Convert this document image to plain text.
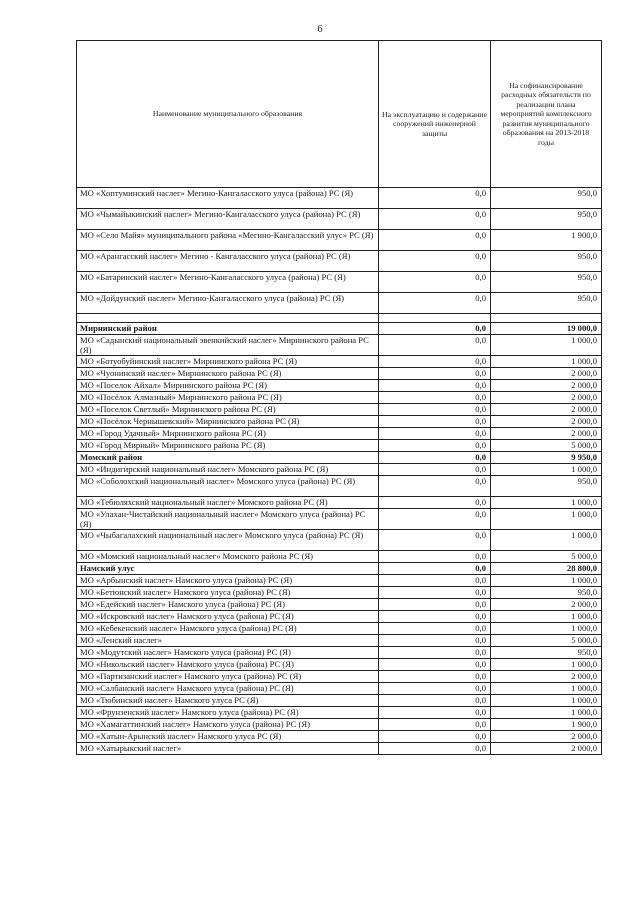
6
Наименование муниципального образования	На эксплуатацию и содержание сооружений инженерной защиты	На софинансирование расходных обязательств по реализации плана мероприятий комплексного развития муниципального образования на 2013-2018 годы
МО «Хоптуминский наслег» Мегино-Кангаласского улуса (района) РС (Я)	0,0	950,0
МО «Чымайыкинский наслег» Мегино-Кангаласского улуса (района) РС (Я)	0,0	950,0
МО «Село Майя» муниципального района «Мегино-Кангаласский улус» РС (Я)	0,0	1 900,0
МО «Арангасский наслег» Мегино - Кангаласского улуса (района) РС (Я)	0,0	950,0
МО «Батаринский наслег» Мегино-Кангаласского улуса (района) РС (Я)	0,0	950,0
МО «Дойдунский наслег» Мегино-Кангаласского улуса (района) РС (Я)	0,0	950,0

Мирнинский район	0,0	19 000,0
МО «Садынский национальный эвенкийский наслег» Мирнинского района РС (Я)	0,0	1 000,0
МО «Ботуобуйинский наслег» Мирнинского района РС (Я)	0,0	1 000,0
МО «Чуонинский наслег» Мирнинского района РС (Я)	0,0	2 000,0
МО «Поселок Айхал» Мирнинского района РС (Я)	0,0	2 000,0
МО «Посёлок Алмазный» Мирнинского района РС (Я)	0,0	2 000,0
МО «Поселок Светлый» Мирнинского района РС (Я)	0,0	2 000,0
МО «Посёлок Чернышевский» Мирнинского района РС (Я)	0,0	2 000,0
МО «Город Удачный» Мирнинского района РС (Я)	0,0	2 000,0
МО «Город Мирный» Мирнинского района РС (Я)	0,0	5 000,0
Момский район	0,0	9 950,0
МО «Индигирский национальный наслег» Момского района РС (Я)	0,0	1 000,0
МО «Соболохский национальный наслег» Момского улуса (района) РС (Я)	0,0	950,0
МО «Тебюляхский национальный наслег» Момского района РС (Я)	0,0	1 000,0
МО «Улахан-Чистайский национальный наслег» Момского улуса (района) РС (Я)	0,0	1 000,0
МО «Чыбагалахский национальный наслег» Момского улуса (района) РС (Я)	0,0	1 000,0
МО «Момский национальный наслег» Момского района РС (Я)	0,0	5 000,0
Намский улус	0,0	28 800,0
МО «Арбынский наслег» Намского улуса (района) РС (Я)	0,0	1 000,0
МО «Бетюнский наслег» Намского улуса (района) РС (Я)	0,0	950,0
МО «Едейский наслег» Намского улуса (района) РС (Я)	0,0	2 000,0
МО «Искровский наслег» Намского улуса (района) РС (Я)	0,0	1 000,0
МО «Кебекенский наслег» Намского улуса (района) РС (Я)	0,0	1 000,0
МО «Ленский наслег»	0,0	5 000,0
МО «Модутский наслег» Намского улуса (района) РС (Я)	0,0	950,0
МО «Никольский наслег» Намского улуса (района) РС (Я)	0,0	1 000,0
МО «Партизанский наслег» Намского улуса (района) РС (Я)	0,0	2 000,0
МО «Салбанский наслег» Намского улуса (района) РС (Я)	0,0	1 000,0
МО «Тюбинский наслег» Намского улуса РС (Я)	0,0	1 000,0
МО «Фрунзенский наслег» Намского улуса (района) РС (Я)	0,0	1 000,0
МО «Хамагаттинский наслег» Намского улуса (района) РС (Я)	0,0	1 900,0
МО «Хатын-Арынский наслег» Намского улуса РС (Я)	0,0	2 000,0
МО «Хатырыкский наслег»	0,0	2 000,0
